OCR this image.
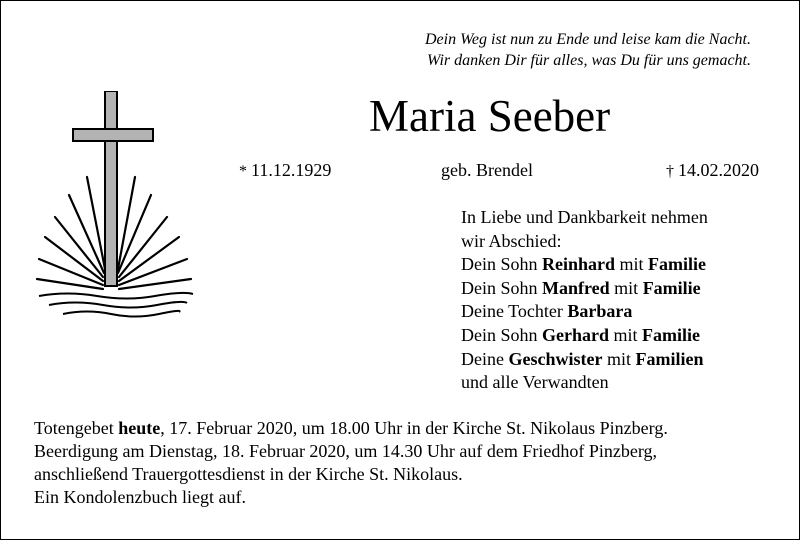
Dein Weg ist nun zu Ende und leise kam die Nacht.
Wir danken Dir für alles, was Du für uns gemacht.
Maria Seeber
* 11.12.1929	geb. Brendel	† 14.02.2020
In Liebe und Dankbarkeit nehmen
wir Abschied:
Dein Sohn Reinhard mit Familie
Dein Sohn Manfred mit Familie
Deine Tochter Barbara
Dein Sohn Gerhard mit Familie
Deine Geschwister mit Familien
und alle Verwandten
Totengebet heute, 17. Februar 2020, um 18.00 Uhr in der Kirche St. Nikolaus Pinzberg.
Beerdigung am Dienstag, 18. Februar 2020, um 14.30 Uhr auf dem Friedhof Pinzberg,
anschließend Trauergottesdienst in der Kirche St. Nikolaus.
Ein Kondolenzbuch liegt auf.
